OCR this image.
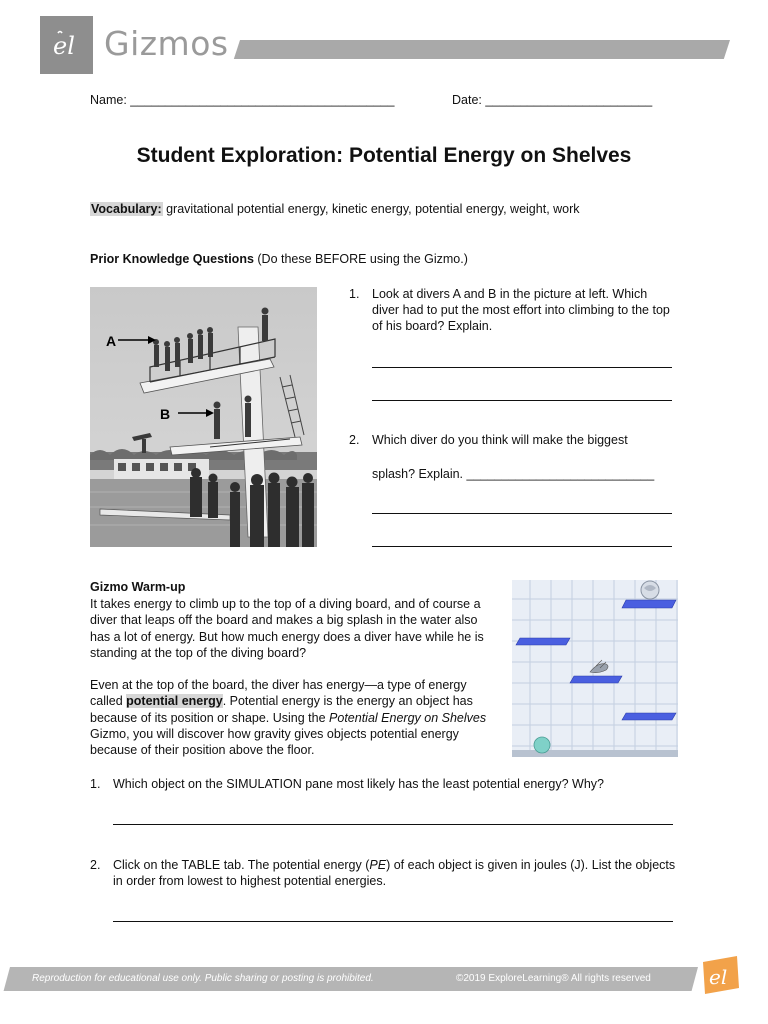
el Gizmos
Name: ______________________________________	Date: ________________________
Student Exploration: Potential Energy on Shelves
Vocabulary: gravitational potential energy, kinetic energy, potential energy, weight, work
Prior Knowledge Questions (Do these BEFORE using the Gizmo.)
A
B
1. Look at divers A and B in the picture at left. Which diver had to put the most effort into climbing to the top of his board? Explain.
2. Which diver do you think will make the biggest
splash? Explain. ___________________________
Gizmo Warm-up
It takes energy to climb up to the top of a diving board, and of course a diver that leaps off the board and makes a big splash in the water also has a lot of energy. But how much energy does a diver have while he is standing at the top of the diving board?
Even at the top of the board, the diver has energy—a type of energy called potential energy. Potential energy is the energy an object has because of its position or shape. Using the Potential Energy on Shelves Gizmo, you will discover how gravity gives objects potential energy because of their position above the floor.
1. Which object on the SIMULATION pane most likely has the least potential energy? Why?
2. Click on the TABLE tab. The potential energy (PE) of each object is given in joules (J). List the objects in order from lowest to highest potential energies.
Reproduction for educational use only. Public sharing or posting is prohibited.	©2019 ExploreLearning® All rights reserved	el
